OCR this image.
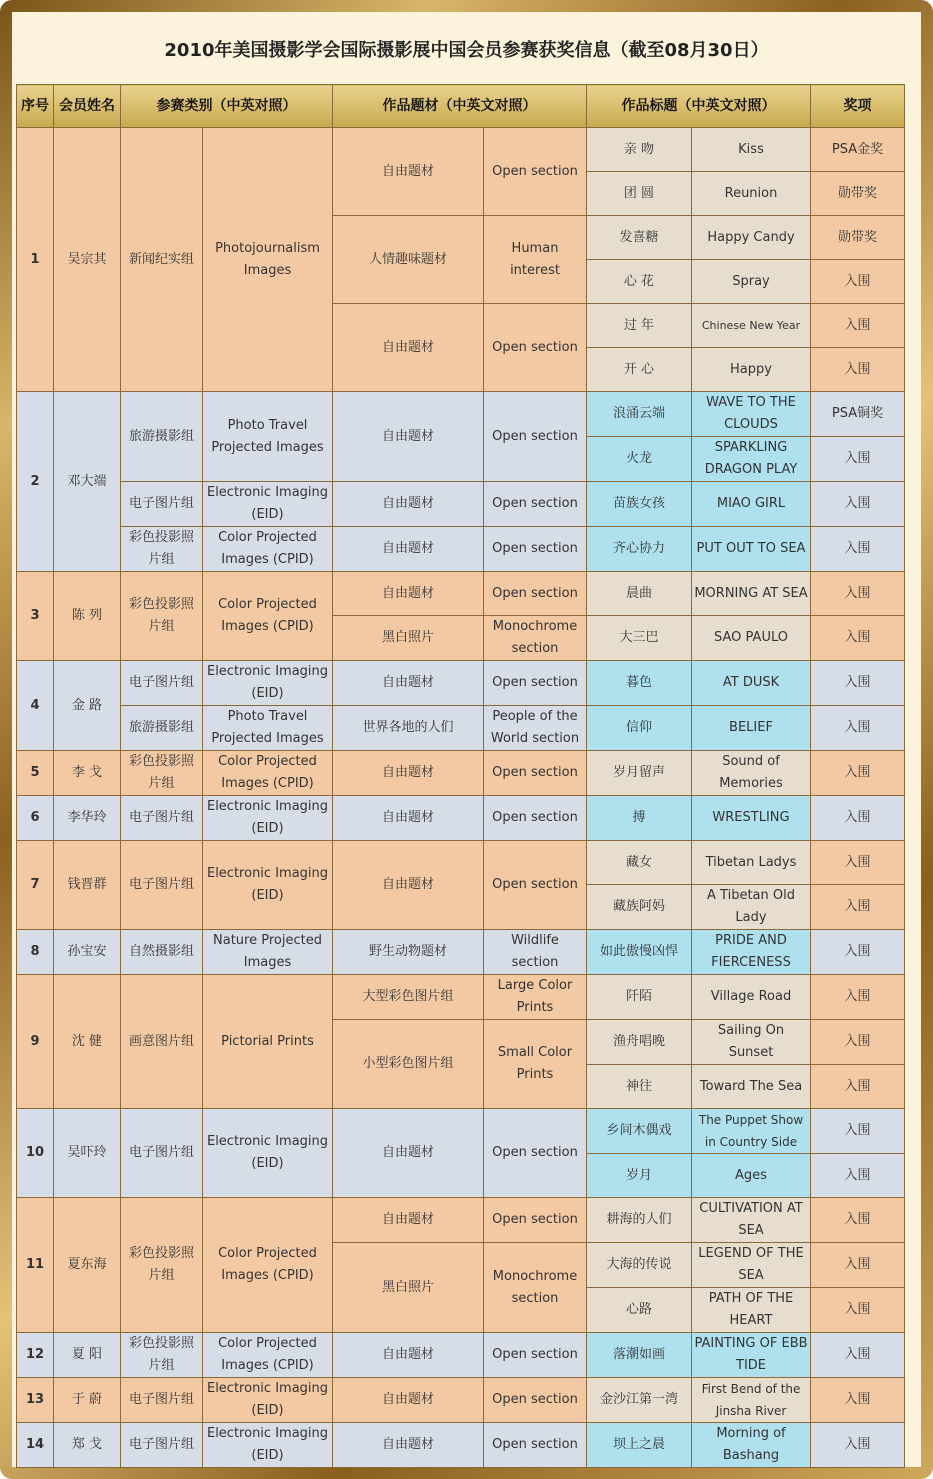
2010年美国摄影学会国际摄影展中国会员参赛获奖信息（截至08月30日）
序号	会员姓名	参赛类别（中英对照）		作品题材（中英文对照）		作品标题（中英文对照）		奖项
1	吴宗其	新闻纪实组	Photojournalism Images	自由题材	Open section	亲 吻	Kiss	PSA金奖
						团 圆	Reunion	勋带奖
				人情趣味题材	Human interest	发喜糖	Happy Candy	勋带奖
						心 花	Spray	入围
				自由题材	Open section	过 年	Chinese New Year	入围
						开 心	Happy	入围
2	邓大端	旅游摄影组	Photo Travel Projected Images	自由题材	Open section	浪涌云端	WAVE TO THE CLOUDS	PSA铜奖
						火龙	SPARKLING DRAGON PLAY	入围
		电子图片组	Electronic Imaging (EID)	自由题材	Open section	苗族女孩	MIAO GIRL	入围
		彩色投影照片组	Color Projected Images (CPID)	自由题材	Open section	齐心协力	PUT OUT TO SEA	入围
3	陈 列	彩色投影照片组	Color Projected Images (CPID)	自由题材	Open section	晨曲	MORNING AT SEA	入围
				黑白照片	Monochrome section	大三巴	SAO PAULO	入围
4	金 路	电子图片组	Electronic Imaging (EID)	自由题材	Open section	暮色	AT DUSK	入围
		旅游摄影组	Photo Travel Projected Images	世界各地的人们	People of the World section	信仰	BELIEF	入围
5	李 戈	彩色投影照片组	Color Projected Images (CPID)	自由题材	Open section	岁月留声	Sound of Memories	入围
6	李华玲	电子图片组	Electronic Imaging (EID)	自由题材	Open section	搏	WRESTLING	入围
7	钱晋群	电子图片组	Electronic Imaging (EID)	自由题材	Open section	藏女	Tibetan Ladys	入围
						藏族阿妈	A Tibetan Old Lady	入围
8	孙宝安	自然摄影组	Nature Projected Images	野生动物题材	Wildlife section	如此傲慢凶悍	PRIDE AND FIERCENESS	入围
9	沈 健	画意图片组	Pictorial Prints	大型彩色图片组	Large Color Prints	阡陌	Village Road	入围
				小型彩色图片组	Small Color Prints	渔舟唱晚	Sailing On Sunset	入围
						神往	Toward The Sea	入围
10	吴吓玲	电子图片组	Electronic Imaging (EID)	自由题材	Open section	乡间木偶戏	The Puppet Show in Country Side	入围
						岁月	Ages	入围
11	夏东海	彩色投影照片组	Color Projected Images (CPID)	自由题材	Open section	耕海的人们	CULTIVATION AT SEA	入围
				黑白照片	Monochrome section	大海的传说	LEGEND OF THE SEA	入围
						心路	PATH OF THE HEART	入围
12	夏 阳	彩色投影照片组	Color Projected Images (CPID)	自由题材	Open section	落潮如画	PAINTING OF EBB TIDE	入围
13	于 蔚	电子图片组	Electronic Imaging (EID)	自由题材	Open section	金沙江第一湾	First Bend of the Jinsha River	入围
14	郑 戈	电子图片组	Electronic Imaging (EID)	自由题材	Open section	坝上之晨	Morning of Bashang	入围
